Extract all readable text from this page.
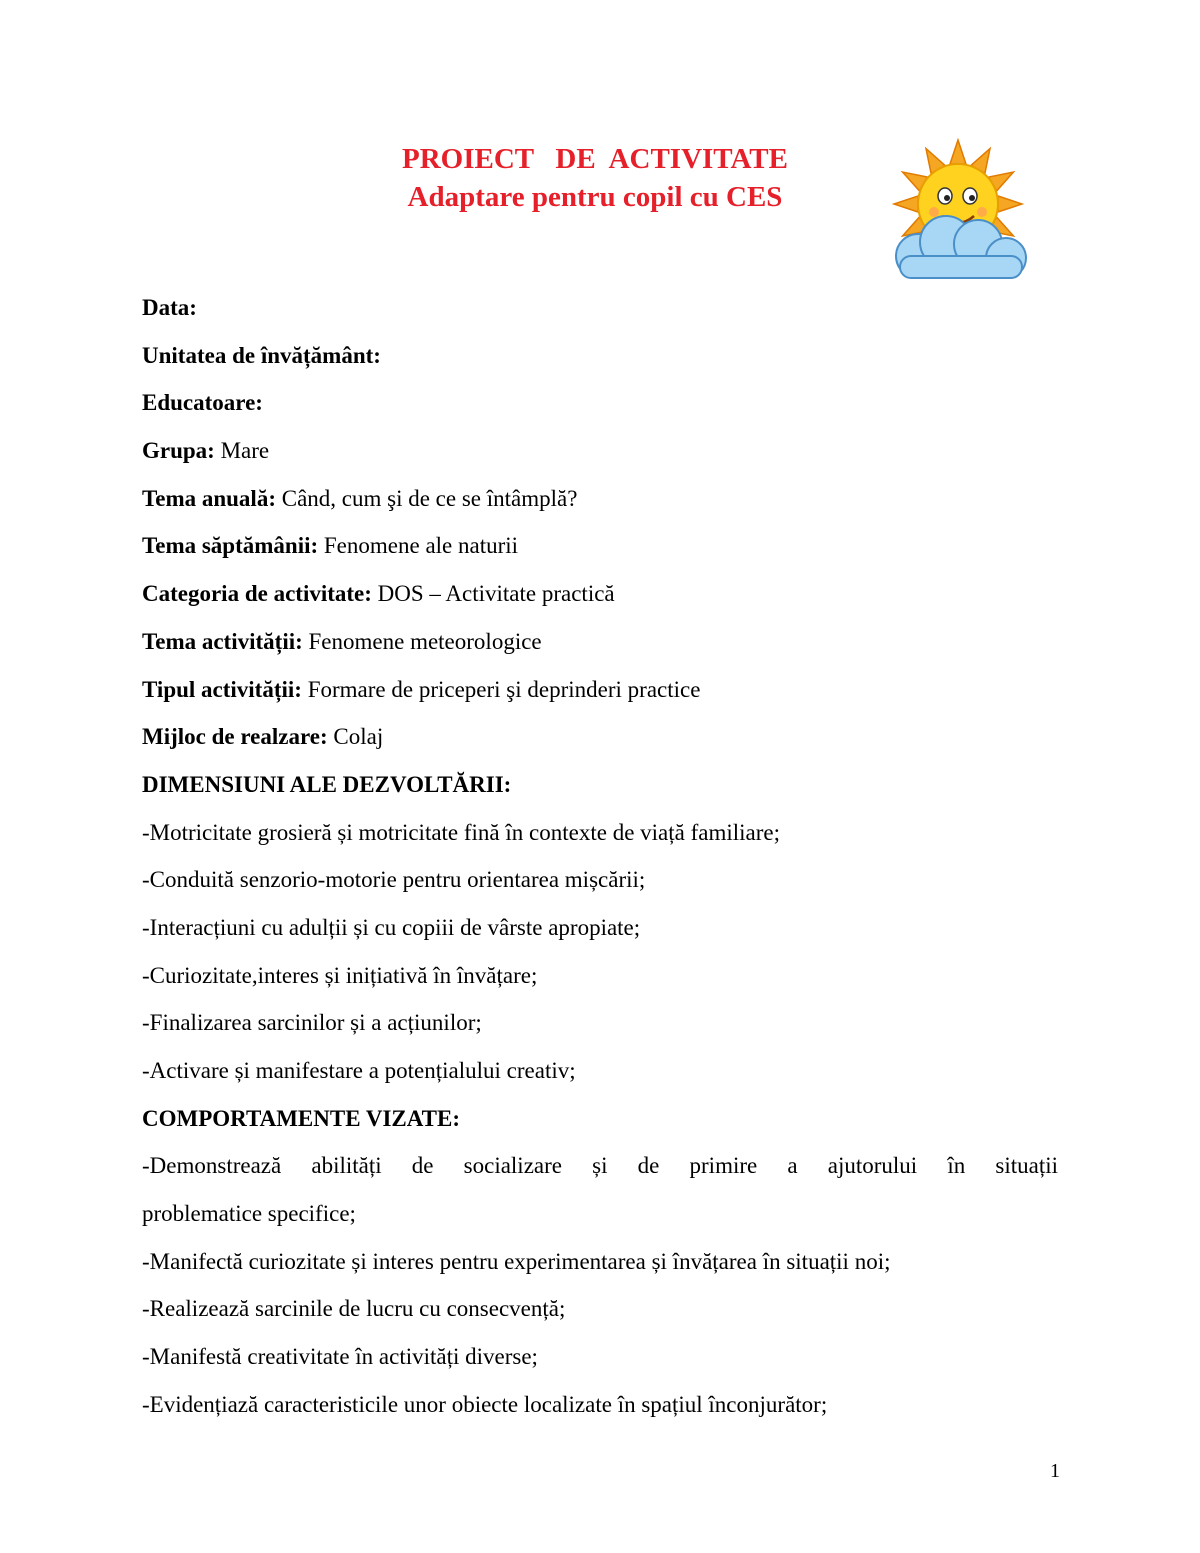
PROIECT   DE  ACTIVITATE
Adaptare pentru copil cu CES
Data:
Unitatea de învățământ:
Educatoare:
Grupa: Mare
Tema anuală: Când, cum şi de ce se întâmplă?
Tema săptămânii: Fenomene ale naturii
Categoria de activitate: DOS – Activitate practică
Tema activității: Fenomene meteorologice
Tipul activității: Formare de priceperi şi deprinderi practice
Mijloc de realzare: Colaj
DIMENSIUNI ALE DEZVOLTĂRII:
-Motricitate grosieră și motricitate fină în contexte de viață familiare;
-Conduită senzorio-motorie pentru orientarea mișcării;
-Interacțiuni cu adulții și cu copiii de vârste apropiate;
-Curiozitate,interes și inițiativă în învățare;
-Finalizarea sarcinilor și a acțiunilor;
-Activare și manifestare a potențialului creativ;
COMPORTAMENTE VIZATE:
-Demonstrează abilități de socializare și de primire a ajutorului în situații
problematice specifice;
-Manifectă curiozitate și interes pentru experimentarea și învățarea în situații noi;
-Realizează sarcinile de lucru cu consecvență;
-Manifestă creativitate în activități diverse;
-Evidențiază caracteristicile unor obiecte localizate în spațiul înconjurător;
1
